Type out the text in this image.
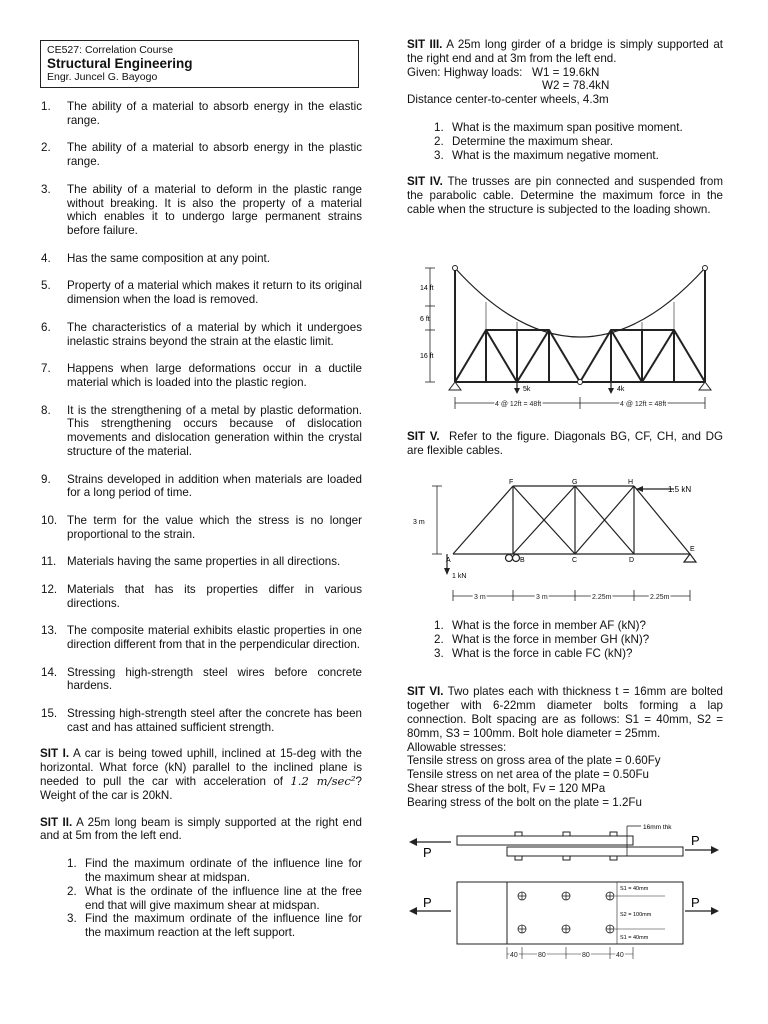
CE527: Correlation Course
Structural Engineering
Engr. Juncel G. Bayogo
1. The ability of a material to absorb energy in the elastic range.
2. The ability of a material to absorb energy in the plastic range.
3. The ability of a material to deform in the plastic range without breaking. It is also the property of a material which enables it to undergo large permanent strains before failure.
4. Has the same composition at any point.
5. Property of a material which makes it return to its original dimension when the load is removed.
6. The characteristics of a material by which it undergoes inelastic strains beyond the strain at the elastic limit.
7. Happens when large deformations occur in a ductile material which is loaded into the plastic region.
8. It is the strengthening of a metal by plastic deformation. This strengthening occurs because of dislocation movements and dislocation generation within the crystal structure of the material.
9. Strains developed in addition when materials are loaded for a long period of time.
10. The term for the value which the stress is no longer proportional to the strain.
11. Materials having the same properties in all directions.
12. Materials that has its properties differ in various directions.
13. The composite material exhibits elastic properties in one direction different from that in the perpendicular direction.
14. Stressing high-strength steel wires before concrete hardens.
15. Stressing high-strength steel after the concrete has been cast and has attained sufficient strength.

SIT I. A car is being towed uphill, inclined at 15-deg with the horizontal. What force (kN) parallel to the inclined plane is needed to pull the car with acceleration of 1.2 m/sec²? Weight of the car is 20kN.

SIT II. A 25m long beam is simply supported at the right end and at 5m from the left end.

1. Find the maximum ordinate of the influence line for the maximum shear at midspan.
2. What is the ordinate of the influence line at the free end that will give maximum shear at midspan.
3. Find the maximum ordinate of the influence line for the maximum reaction at the left support.

SIT III. A 25m long girder of a bridge is simply supported at the right end and at 3m from the left end.

Given: Highway loads: W1 = 19.6kN
W2 = 78.4kN
Distance center-to-center wheels, 4.3m
1. What is the maximum span positive moment.
2. Determine the maximum shear.
3. What is the maximum negative moment.

SIT IV. The trusses are pin connected and suspended from the parabolic cable. Determine the maximum force in the cable when the structure is subjected to the loading shown.

14 ft
6 ft
16 ft
5k	4k
4 @ 12ft = 48ft	4 @ 12ft = 48ft

SIT V. Refer to the figure. Diagonals BG, CF, CH, and DG are flexible cables.

F	G	H
A	B	C	D
E
1.5 kN
1 kN
3 m
3 m	3 m	2.25m	2.25m
1. What is the force in member AF (kN)?
2. What is the force in member GH (kN)?
3. What is the force in cable FC (kN)?

SIT VI. Two plates each with thickness t = 16mm are bolted together with 6-22mm diameter bolts forming a lap connection. Bolt spacing are as follows: S1 = 40mm, S2 = 80mm, S3 = 100mm. Bolt hole diameter = 25mm.

Allowable stresses:
Tensile stress on gross area of the plate = 0.60Fy
Tensile stress on net area of the plate = 0.50Fu
Shear stress of the bolt, Fv = 120 MPa
Bearing stress of the bolt on the plate = 1.2Fu
16mm thk
P
P
P	P
S1 = 40mm
S2 = 100mm
S1 = 40mm
40	80	80	40
